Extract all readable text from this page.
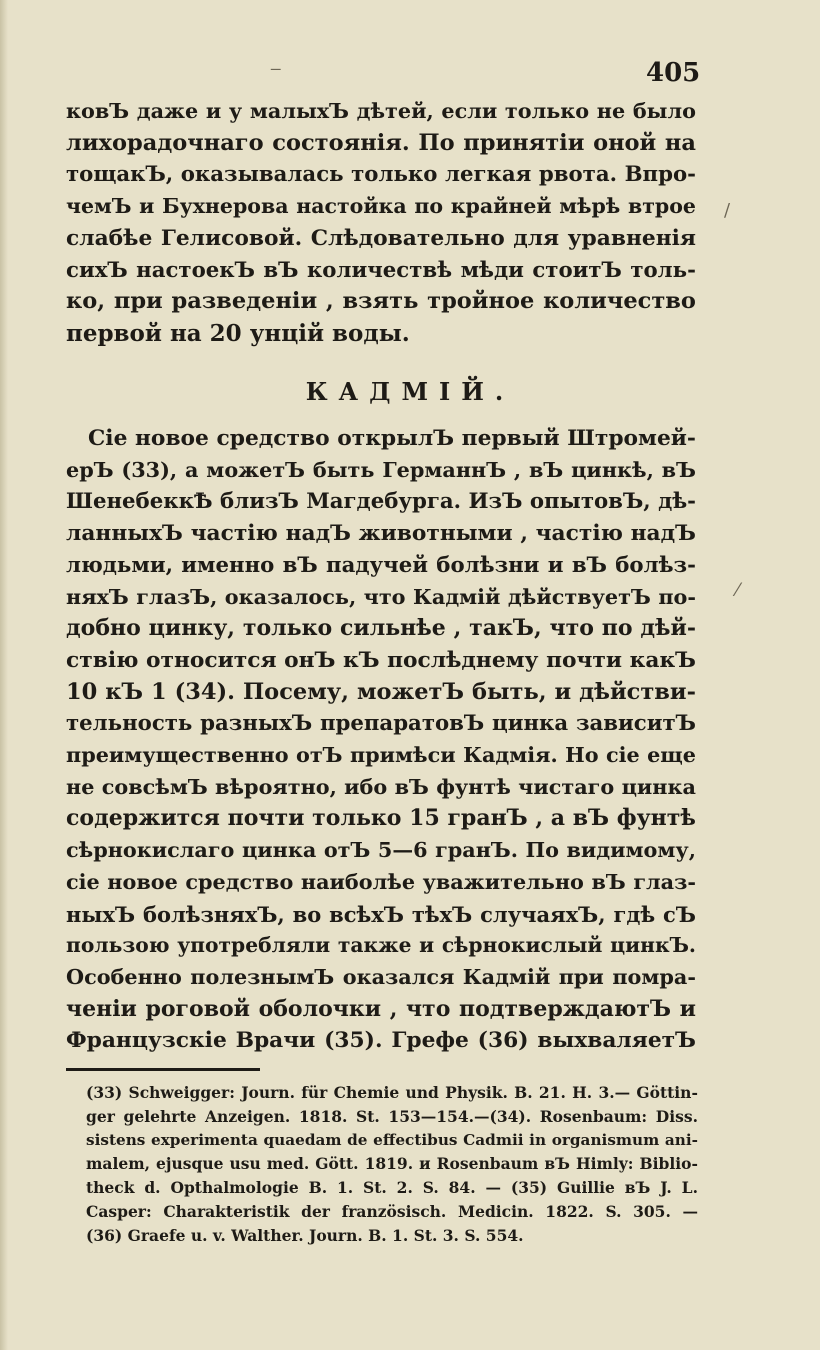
‒
/
⁄
405
ковЪ даже и у малыхЪ дѣтей, если только не было
лихорадочнаго состоянія. По принятіи оной на
тощакЪ, оказывалась только легкая рвота. Впро-
чемЪ и Бухнерова настойка по крайней мѣрѣ втрое
слабѣе Гелисовой. Слѣдовательно для уравненія
сихЪ настоекЪ вЪ количествѣ мѣди стоитЪ толь-
ко, при разведеніи , взять тройное количество
первой на 20 унцій воды.
КАДМІЙ.
Сіе новое средство открылЪ первый Штромей-
ерЪ (33), а можетЪ быть ГерманнЪ , вЪ цинкѣ, вЪ
ШенебеккѢ близЪ Магдебурга. ИзЪ опытовЪ, дѣ-
ланныхЪ частію надЪ животными , частію надЪ
людьми, именно вЪ падучей болѣзни и вЪ болѣз-
няхЪ глазЪ, оказалось, что Кадмій дѣйствуетЪ по-
добно цинку, только сильнѣе , такЪ, что по дѣй-
ствію относится онЪ кЪ послѣднему почти какЪ
10 кЪ 1 (34). Посему, можетЪ быть, и дѣйстви-
тельность разныхЪ препаратовЪ цинка зависитЪ
преимущественно отЪ примѣси Кадмія. Но сіе еще
не совсѣмЪ вѣроятно, ибо вЪ фунтѣ чистаго цинка
содержится почти только 15 гранЪ , а вЪ фунтѣ
сѣрнокислаго цинка отЪ 5—6 гранЪ. По видимому,
сіе новое средство наиболѣе уважительно вЪ глаз-
ныхЪ болѣзняхЪ, во всѣхЪ тѣхЪ случаяхЪ, гдѣ сЪ
пользою употребляли также и сѣрнокислый цинкЪ.
Особенно полезнымЪ оказался Кадмій при помра-
ченіи роговой оболочки , что подтверждаютЪ и
Французскіе Врачи (35). Грефе (36) выхваляетЪ
(33) Schweigger: Journ. für Chemie und Physik. B. 21. H. 3.— Göttin-
ger gelehrte Anzeigen. 1818. St. 153—154.—(34). Rosenbaum: Diss.
sistens experimenta quaedam de effectibus Cadmii in organismum ani-
malem, ejusque usu med. Gött. 1819. и Rosenbaum вЪ Himly: Biblio-
theck d. Opthalmologie B. 1. St. 2. S. 84. — (35) Guillie вЪ J. L.
Casper: Charakteristik der französisch. Medicin. 1822. S. 305. —
(36) Graefe u. v. Walther. Journ. B. 1. St. 3. S. 554.
